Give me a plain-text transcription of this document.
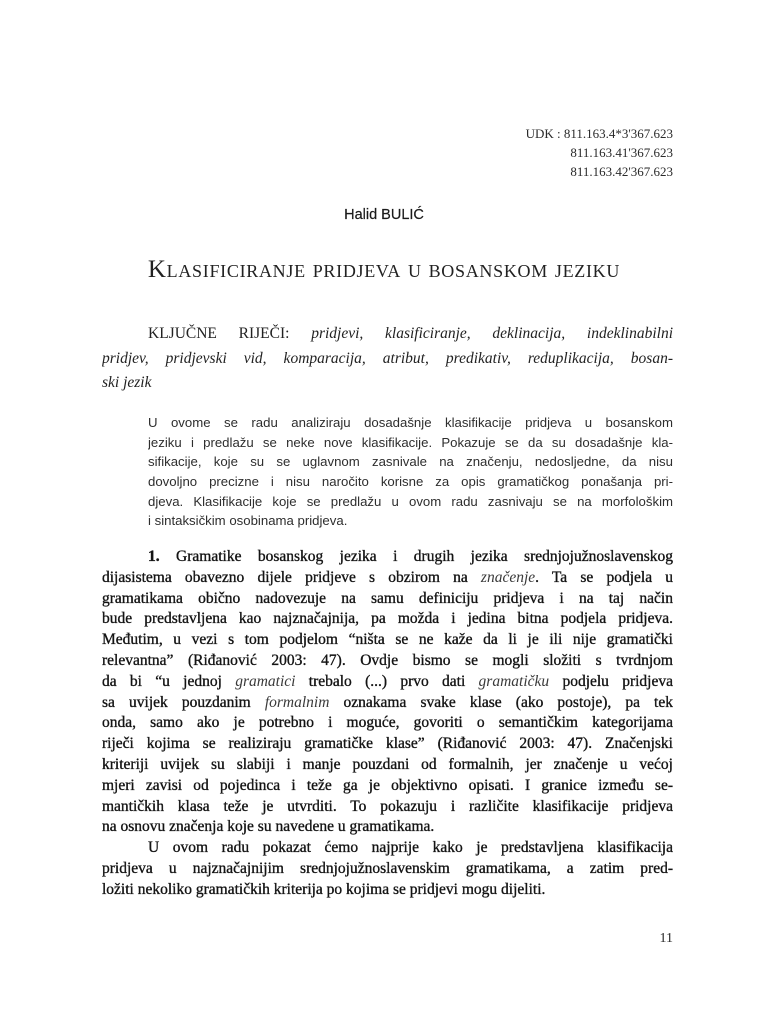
UDK : 811.163.4*3'367.623
811.163.41'367.623
811.163.42'367.623
Halid BULIĆ
Klasificiranje pridjeva u bosanskom jeziku
KLJUČNE RIJEČI: pridjevi, klasificiranje, deklinacija, indeklinabilni
pridjev, pridjevski vid, komparacija, atribut, predikativ, reduplikacija, bosan-
ski jezik
U ovome se radu analiziraju dosadašnje klasifikacije pridjeva u bosanskom
jeziku i predlažu se neke nove klasifikacije. Pokazuje se da su dosadašnje kla-
sifikacije, koje su se uglavnom zasnivale na značenju, nedosljedne, da nisu
dovoljno precizne i nisu naročito korisne za opis gramatičkog ponašanja pri-
djeva. Klasifikacije koje se predlažu u ovom radu zasnivaju se na morfološkim
i sintaksičkim osobinama pridjeva.
1. Gramatike bosanskog jezika i drugih jezika srednjojužnoslavenskog
dijasistema obavezno dijele pridjeve s obzirom na značenje. Ta se podjela u
gramatikama obično nadovezuje na samu definiciju pridjeva i na taj način
bude predstavljena kao najznačajnija, pa možda i jedina bitna podjela pridjeva.
Međutim, u vezi s tom podjelom “ništa se ne kaže da li je ili nije gramatički
relevantna” (Riđanović 2003: 47). Ovdje bismo se mogli složiti s tvrdnjom
da bi “u jednoj gramatici trebalo (...) prvo dati gramatičku podjelu pridjeva
sa uvijek pouzdanim formalnim oznakama svake klase (ako postoje), pa tek
onda, samo ako je potrebno i moguće, govoriti o semantičkim kategorijama
riječi kojima se realiziraju gramatičke klase” (Riđanović 2003: 47). Značenjski
kriteriji uvijek su slabiji i manje pouzdani od formalnih, jer značenje u većoj
mjeri zavisi od pojedinca i teže ga je objektivno opisati. I granice između se-
mantičkih klasa teže je utvrditi. To pokazuju i različite klasifikacije pridjeva
na osnovu značenja koje su navedene u gramatikama.
U ovom radu pokazat ćemo najprije kako je predstavljena klasifikacija
pridjeva u najznačajnijim srednjojužnoslavenskim gramatikama, a zatim pred-
ložiti nekoliko gramatičkih kriterija po kojima se pridjevi mogu dijeliti.
11
